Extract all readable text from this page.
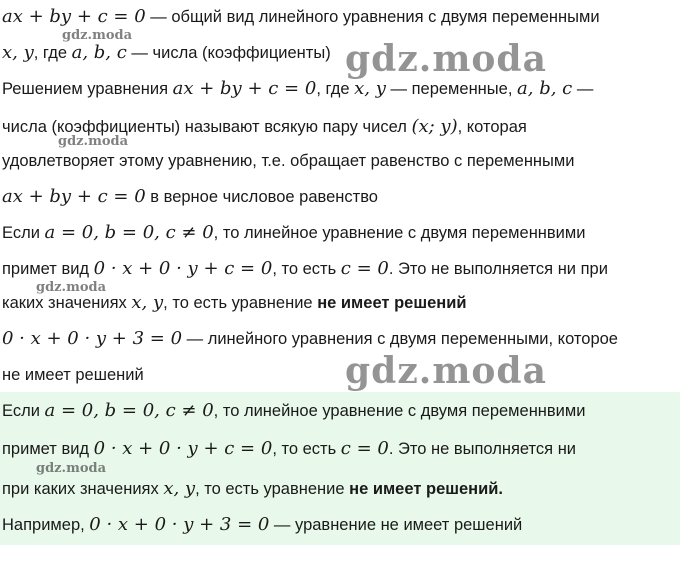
ax + by + c = 0 — общий вид линейного уравнения с двумя переменными
x, y, где a, b, c — числа (коэффициенты)
Решением уравнения ax + by + c = 0, где x, y — переменные, a, b, c —
числа (коэффициенты) называют всякую пару чисел (x; y), которая
удовлетворяет этому уравнению, т.е. обращает равенство с переменными
ax + by + c = 0 в верное числовое равенство
Если a = 0, b = 0, c ≠ 0, то линейное уравнение с двумя переменнвими
примет вид 0 · x + 0 · y + c = 0, то есть c = 0. Это не выполняется ни при
каких значениях x, y, то есть уравнение не имеет решений
0 · x + 0 · y + 3 = 0 — линейного уравнения с двумя переменными, которое
не имеет решений
Если a = 0, b = 0, c ≠ 0, то линейное уравнение с двумя переменнвими
примет вид 0 · x + 0 · y + c = 0, то есть c = 0. Это не выполняется ни
при каких значениях x, y, то есть уравнение не имеет решений.
Например, 0 · x + 0 · y + 3 = 0 — уравнение не имеет решений
gdz.moda
gdz.moda
gdz.moda
gdz.moda
gdz.moda
gdz.moda
